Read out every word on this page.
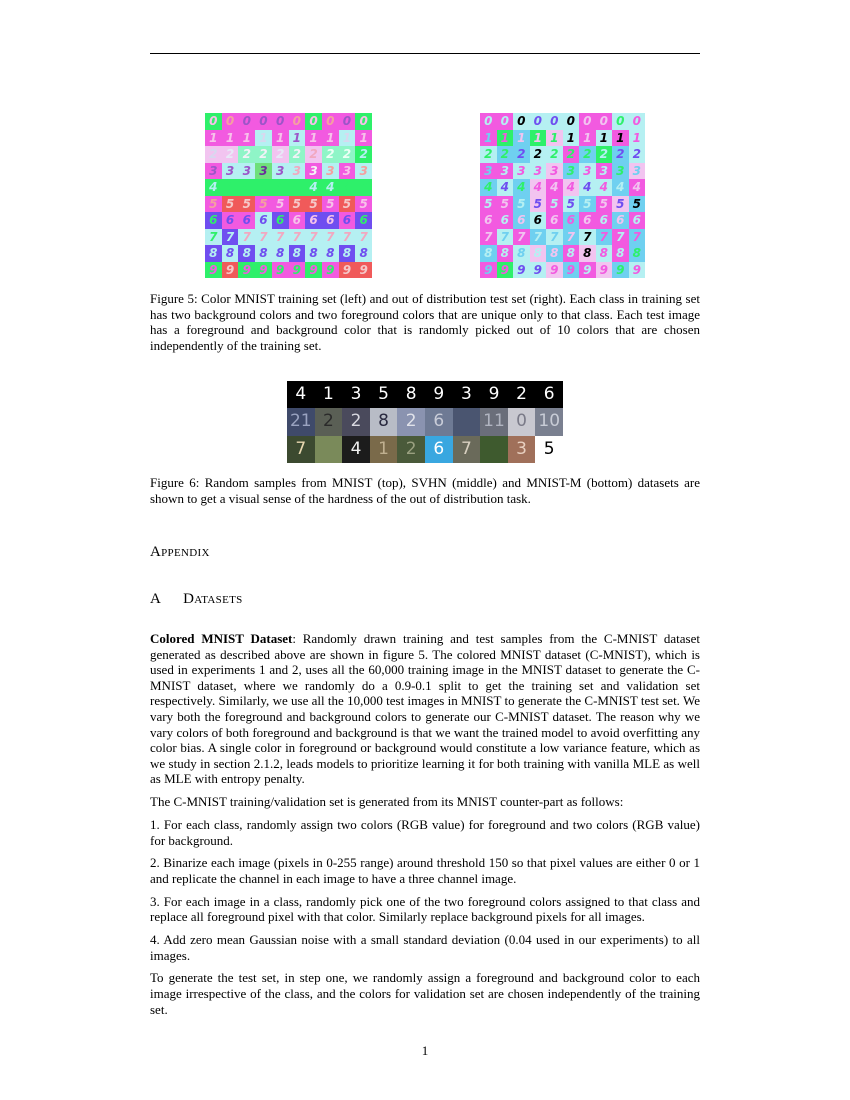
0 0 0 0 0 0 0 0 0 0
1 1 1 1 1 1 1 1 1 1
2 2 2 2 2 2 2 2 2 2
3 3 3 3 3 3 3 3 3 3
4 4 4 4 4 4 4 4 4 4
5 5 5 5 5 5 5 5 5 5
6 6 6 6 6 6 6 6 6 6
7 7 7 7 7 7 7 7 7 7
8 8 8 8 8 8 8 8 8 8
9 9 9 9 9 9 9 9 9 9
0 0 0 0 0 0 0 0 0 0
1 1 1 1 1 1 1 1 1 1
2 2 2 2 2 2 2 2 2 2
3 3 3 3 3 3 3 3 3 3
4 4 4 4 4 4 4 4 4 4
5 5 5 5 5 5 5 5 5 5
6 6 6 6 6 6 6 6 6 6
7 7 7 7 7 7 7 7 7 7
8 8 8 8 8 8 8 8 8 8
9 9 9 9 9 9 9 9 9 9
Figure 5: Color MNIST training set (left) and out of distribution test set (right). Each class in training set has two background colors and two foreground colors that are unique only to that class. Each test image has a foreground and background color that is randomly picked out of 10 colors that are chosen independently of the training set.
4 1 3 5 8 9 3 9 2 6
21 2 2 8 2 6	11 0 10
7	4 1 2 6 7	3 5
Figure 6: Random samples from MNIST (top), SVHN (middle) and MNIST-M (bottom) datasets are shown to get a visual sense of the hardness of the out of distribution task.
Appendix
A Datasets

Colored MNIST Dataset: Randomly drawn training and test samples from the C-MNIST dataset generated as described above are shown in figure 5. The colored MNIST dataset (C-MNIST), which is used in experiments 1 and 2, uses all the 60,000 training image in the MNIST dataset to generate the C-MNIST dataset, where we randomly do a 0.9-0.1 split to get the training set and validation set respectively. Similarly, we use all the 10,000 test images in MNIST to generate the C-MNIST test set. We vary both the foreground and background colors to generate our C-MNIST dataset. The reason why we vary colors of both foreground and background is that we want the trained model to avoid overfitting any color bias. A single color in foreground or background would constitute a low variance feature, which as we study in section 2.1.2, leads models to prioritize learning it for both training with vanilla MLE as well as MLE with entropy penalty.

The C-MNIST training/validation set is generated from its MNIST counter-part as follows:

1. For each class, randomly assign two colors (RGB value) for foreground and two colors (RGB value) for background.

2. Binarize each image (pixels in 0-255 range) around threshold 150 so that pixel values are either 0 or 1 and replicate the channel in each image to have a three channel image.

3. For each image in a class, randomly pick one of the two foreground colors assigned to that class and replace all foreground pixel with that color. Similarly replace background pixels for all images.

4. Add zero mean Gaussian noise with a small standard deviation (0.04 used in our experiments) to all images.

To generate the test set, in step one, we randomly assign a foreground and background color to each image irrespective of the class, and the colors for validation set are chosen independently of the training set.

1
